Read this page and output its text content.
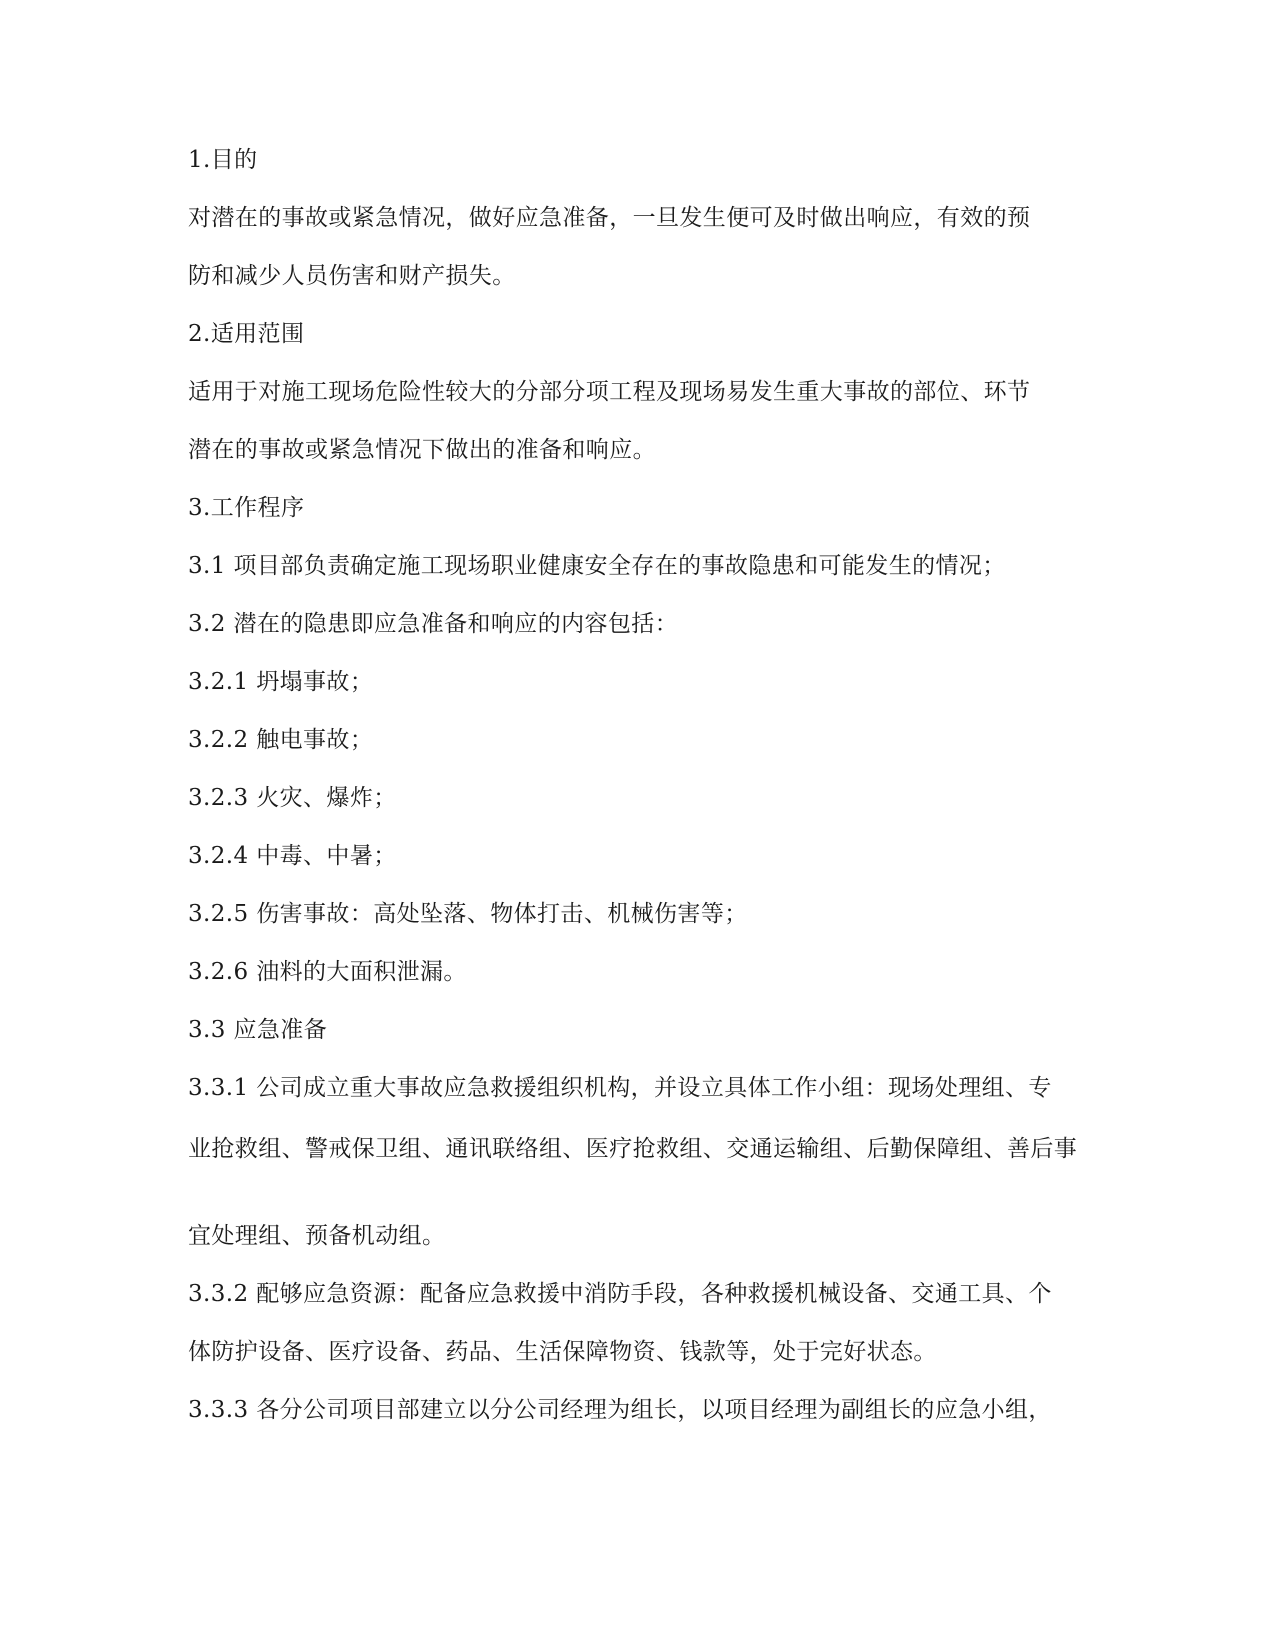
1.目的
对潜在的事故或紧急情况，做好应急准备，一旦发生便可及时做出响应，有效的预
防和减少人员伤害和财产损失。
2.适用范围
适用于对施工现场危险性较大的分部分项工程及现场易发生重大事故的部位、环节
潜在的事故或紧急情况下做出的准备和响应。
3.工作程序
3.1 项目部负责确定施工现场职业健康安全存在的事故隐患和可能发生的情况；
3.2 潜在的隐患即应急准备和响应的内容包括：
3.2.1 坍塌事故；
3.2.2 触电事故；
3.2.3 火灾、爆炸；
3.2.4 中毒、中暑；
3.2.5 伤害事故：高处坠落、物体打击、机械伤害等；
3.2.6 油料的大面积泄漏。
3.3 应急准备
3.3.1 公司成立重大事故应急救援组织机构，并设立具体工作小组：现场处理组、专
业抢救组、警戒保卫组、通讯联络组、医疗抢救组、交通运输组、后勤保障组、善后事
宜处理组、预备机动组。
3.3.2 配够应急资源：配备应急救援中消防手段，各种救援机械设备、交通工具、个
体防护设备、医疗设备、药品、生活保障物资、钱款等，处于完好状态。
3.3.3 各分公司项目部建立以分公司经理为组长，以项目经理为副组长的应急小组，
